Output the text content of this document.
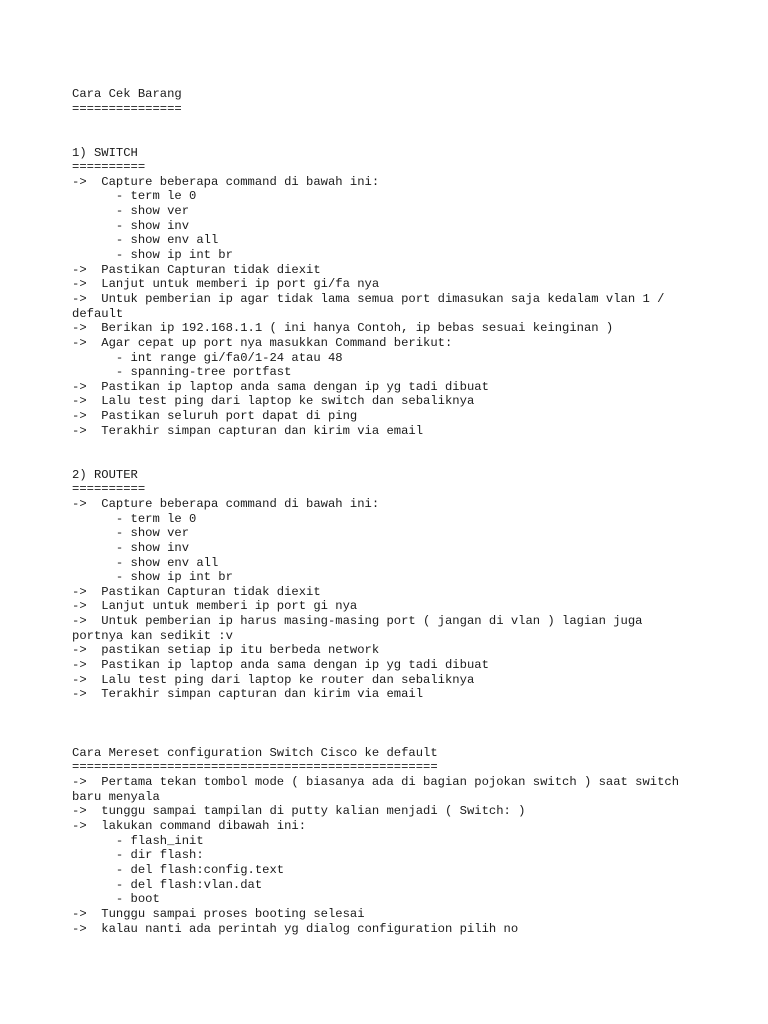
Cara Cek Barang
===============
1) SWITCH
==========
->  Capture beberapa command di bawah ini:
- term le 0
- show ver
- show inv
- show env all
- show ip int br
->  Pastikan Capturan tidak diexit
->  Lanjut untuk memberi ip port gi/fa nya
->  Untuk pemberian ip agar tidak lama semua port dimasukan saja kedalam vlan 1 /
default
->  Berikan ip 192.168.1.1 ( ini hanya Contoh, ip bebas sesuai keinginan )
->  Agar cepat up port nya masukkan Command berikut:
- int range gi/fa0/1-24 atau 48
- spanning-tree portfast
->  Pastikan ip laptop anda sama dengan ip yg tadi dibuat
->  Lalu test ping dari laptop ke switch dan sebaliknya
->  Pastikan seluruh port dapat di ping
->  Terakhir simpan capturan dan kirim via email
2) ROUTER
==========
->  Capture beberapa command di bawah ini:
- term le 0
- show ver
- show inv
- show env all
- show ip int br
->  Pastikan Capturan tidak diexit
->  Lanjut untuk memberi ip port gi nya
->  Untuk pemberian ip harus masing-masing port ( jangan di vlan ) lagian juga
portnya kan sedikit :v
->  pastikan setiap ip itu berbeda network
->  Pastikan ip laptop anda sama dengan ip yg tadi dibuat
->  Lalu test ping dari laptop ke router dan sebaliknya
->  Terakhir simpan capturan dan kirim via email
Cara Mereset configuration Switch Cisco ke default
==================================================
->  Pertama tekan tombol mode ( biasanya ada di bagian pojokan switch ) saat switch
baru menyala
->  tunggu sampai tampilan di putty kalian menjadi ( Switch: )
->  lakukan command dibawah ini:
- flash_init
- dir flash:
- del flash:config.text
- del flash:vlan.dat
- boot
->  Tunggu sampai proses booting selesai
->  kalau nanti ada perintah yg dialog configuration pilih no
